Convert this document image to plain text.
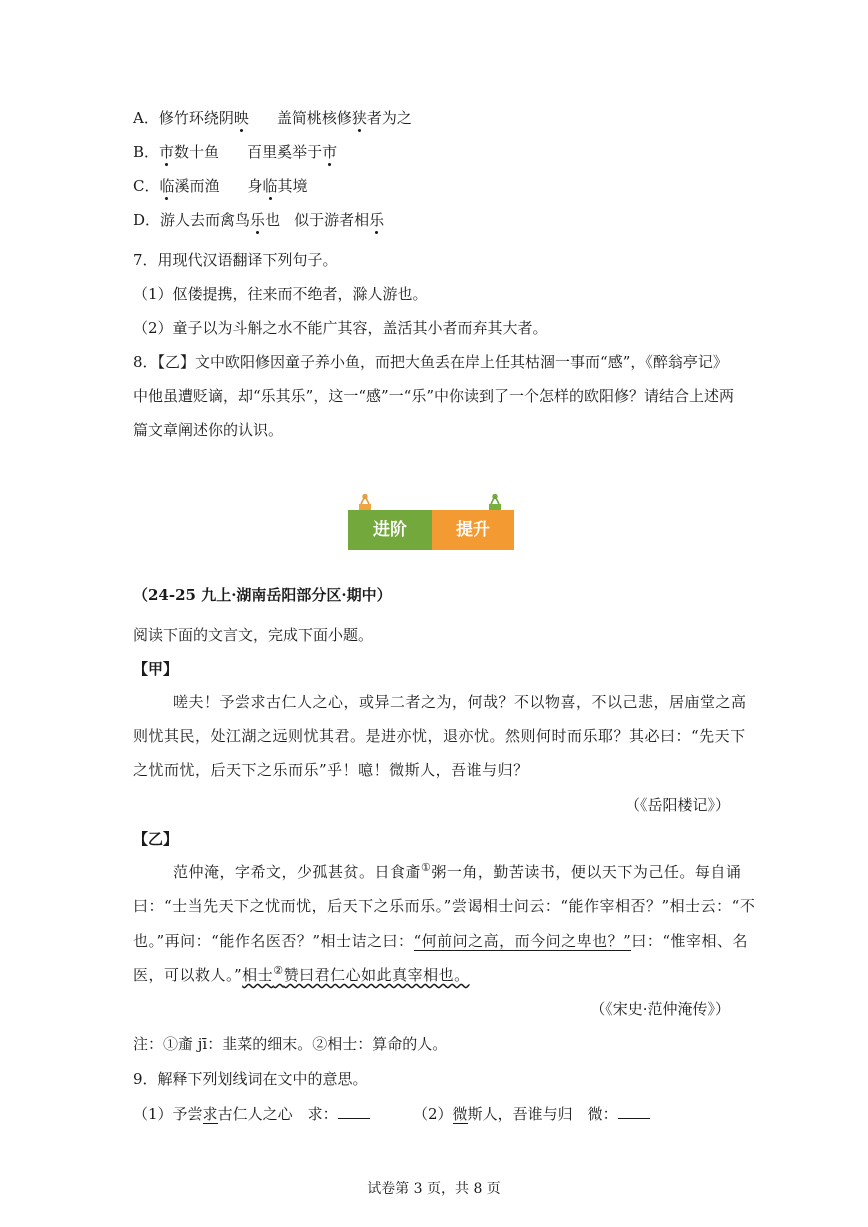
A．修竹环绕阴映 盖简桃核修狭者为之
B．市数十鱼 百里奚举于市
C．临溪而渔 身临其境
D．游人去而禽鸟乐也 似于游者相乐
7．用现代汉语翻译下列句子。
（1）伛偻提携，往来而不绝者，滁人游也。
（2）童子以为斗斛之水不能广其容，盖活其小者而弃其大者。
8．【乙】文中欧阳修因童子养小鱼，而把大鱼丢在岸上任其枯涸一事而“感”，《醉翁亭记》
中他虽遭贬谪，却“乐其乐”，这一“感”一“乐”中你读到了一个怎样的欧阳修？请结合上述两
篇文章阐述你的认识。
进阶	提升
（24-25 九上·湖南岳阳部分区·期中）
阅读下面的文言文，完成下面小题。
【甲】
嗟夫！予尝求古仁人之心，或异二者之为，何哉？不以物喜，不以己悲，居庙堂之高
则忧其民，处江湖之远则忧其君。是进亦忧，退亦忧。然则何时而乐耶？其必曰：“先天下
之忧而忧，后天下之乐而乐”乎！噫！微斯人，吾谁与归？
（《岳阳楼记》）
【乙】
范仲淹，字希文，少孤甚贫。日食齑①粥一角，勤苦读书，便以天下为己任。每自诵
曰：“士当先天下之忧而忧，后天下之乐而乐。”尝谒相士问云：“能作宰相否？”相士云：“不
也。”再问：“能作名医否？”相士诘之曰：“何前问之高，而今问之卑也？”曰：“惟宰相、名
医，可以救人。”相士②赞曰君仁心如此真宰相也。
（《宋史·范仲淹传》）
注：①齑 jī：韭菜的细末。②相士：算命的人。
9．解释下列划线词在文中的意思。
（1）予尝求古仁人之心　求：	（2）微斯人，吾谁与归　微：
试卷第 3 页，共 8 页
